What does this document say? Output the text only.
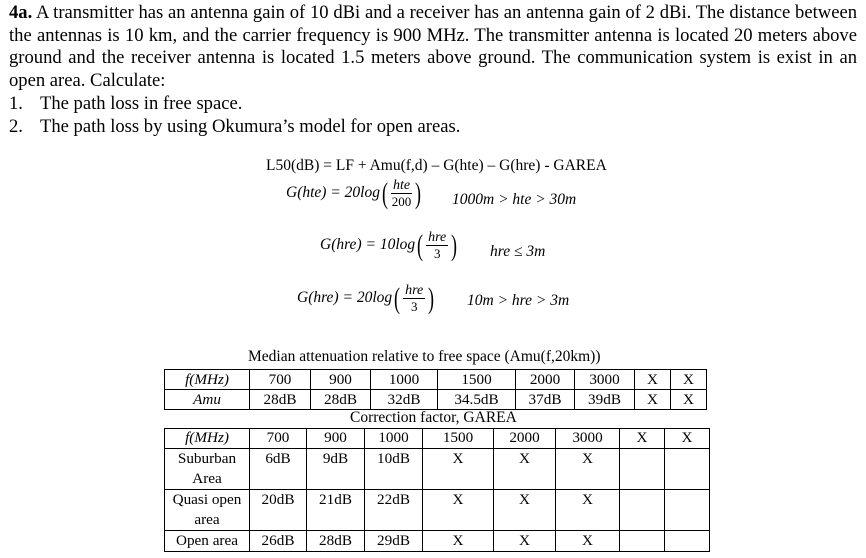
4a. A transmitter has an antenna gain of 10 dBi and a receiver has an antenna gain of 2 dBi. The distance between the antennas is 10 km, and the carrier frequency is 900 MHz. The transmitter antenna is located 20 meters above ground and the receiver antenna is located 1.5 meters above ground. The communication system is exist in an open area. Calculate:
1. The path loss in free space.
2. The path loss by using Okumura’s model for open areas.
L50(dB) = LF + Amu(f,d) – G(hte) – G(hre) - GAREA
$G(hte) = 20\log( \frac{\text{hte}}{200}$ ) 1000m > hte > 30m
$G(hre) = 10\log( \frac{\text{hre}}{3}$ ) hre ≤ 3m
$G(hre) = 20\log( \frac{\text{hre}}{3}$ ) 10m > hre > 3m
Median attenuation relative to free space (Amu(f,20km))
f(MHz)	700	900	1000	1500	2000	3000	X	X
Amu	28dB	28dB	32dB	34.5dB	37dB	39dB	X	X
Correction factor, GAREA
f(MHz)	700	900	1000	1500	2000	3000	X	X
Suburban Area	6dB	9dB	10dB	X	X	X		
Quasi open area	20dB	21dB	22dB	X	X	X		
Open area	26dB	28dB	29dB	X	X	X		
